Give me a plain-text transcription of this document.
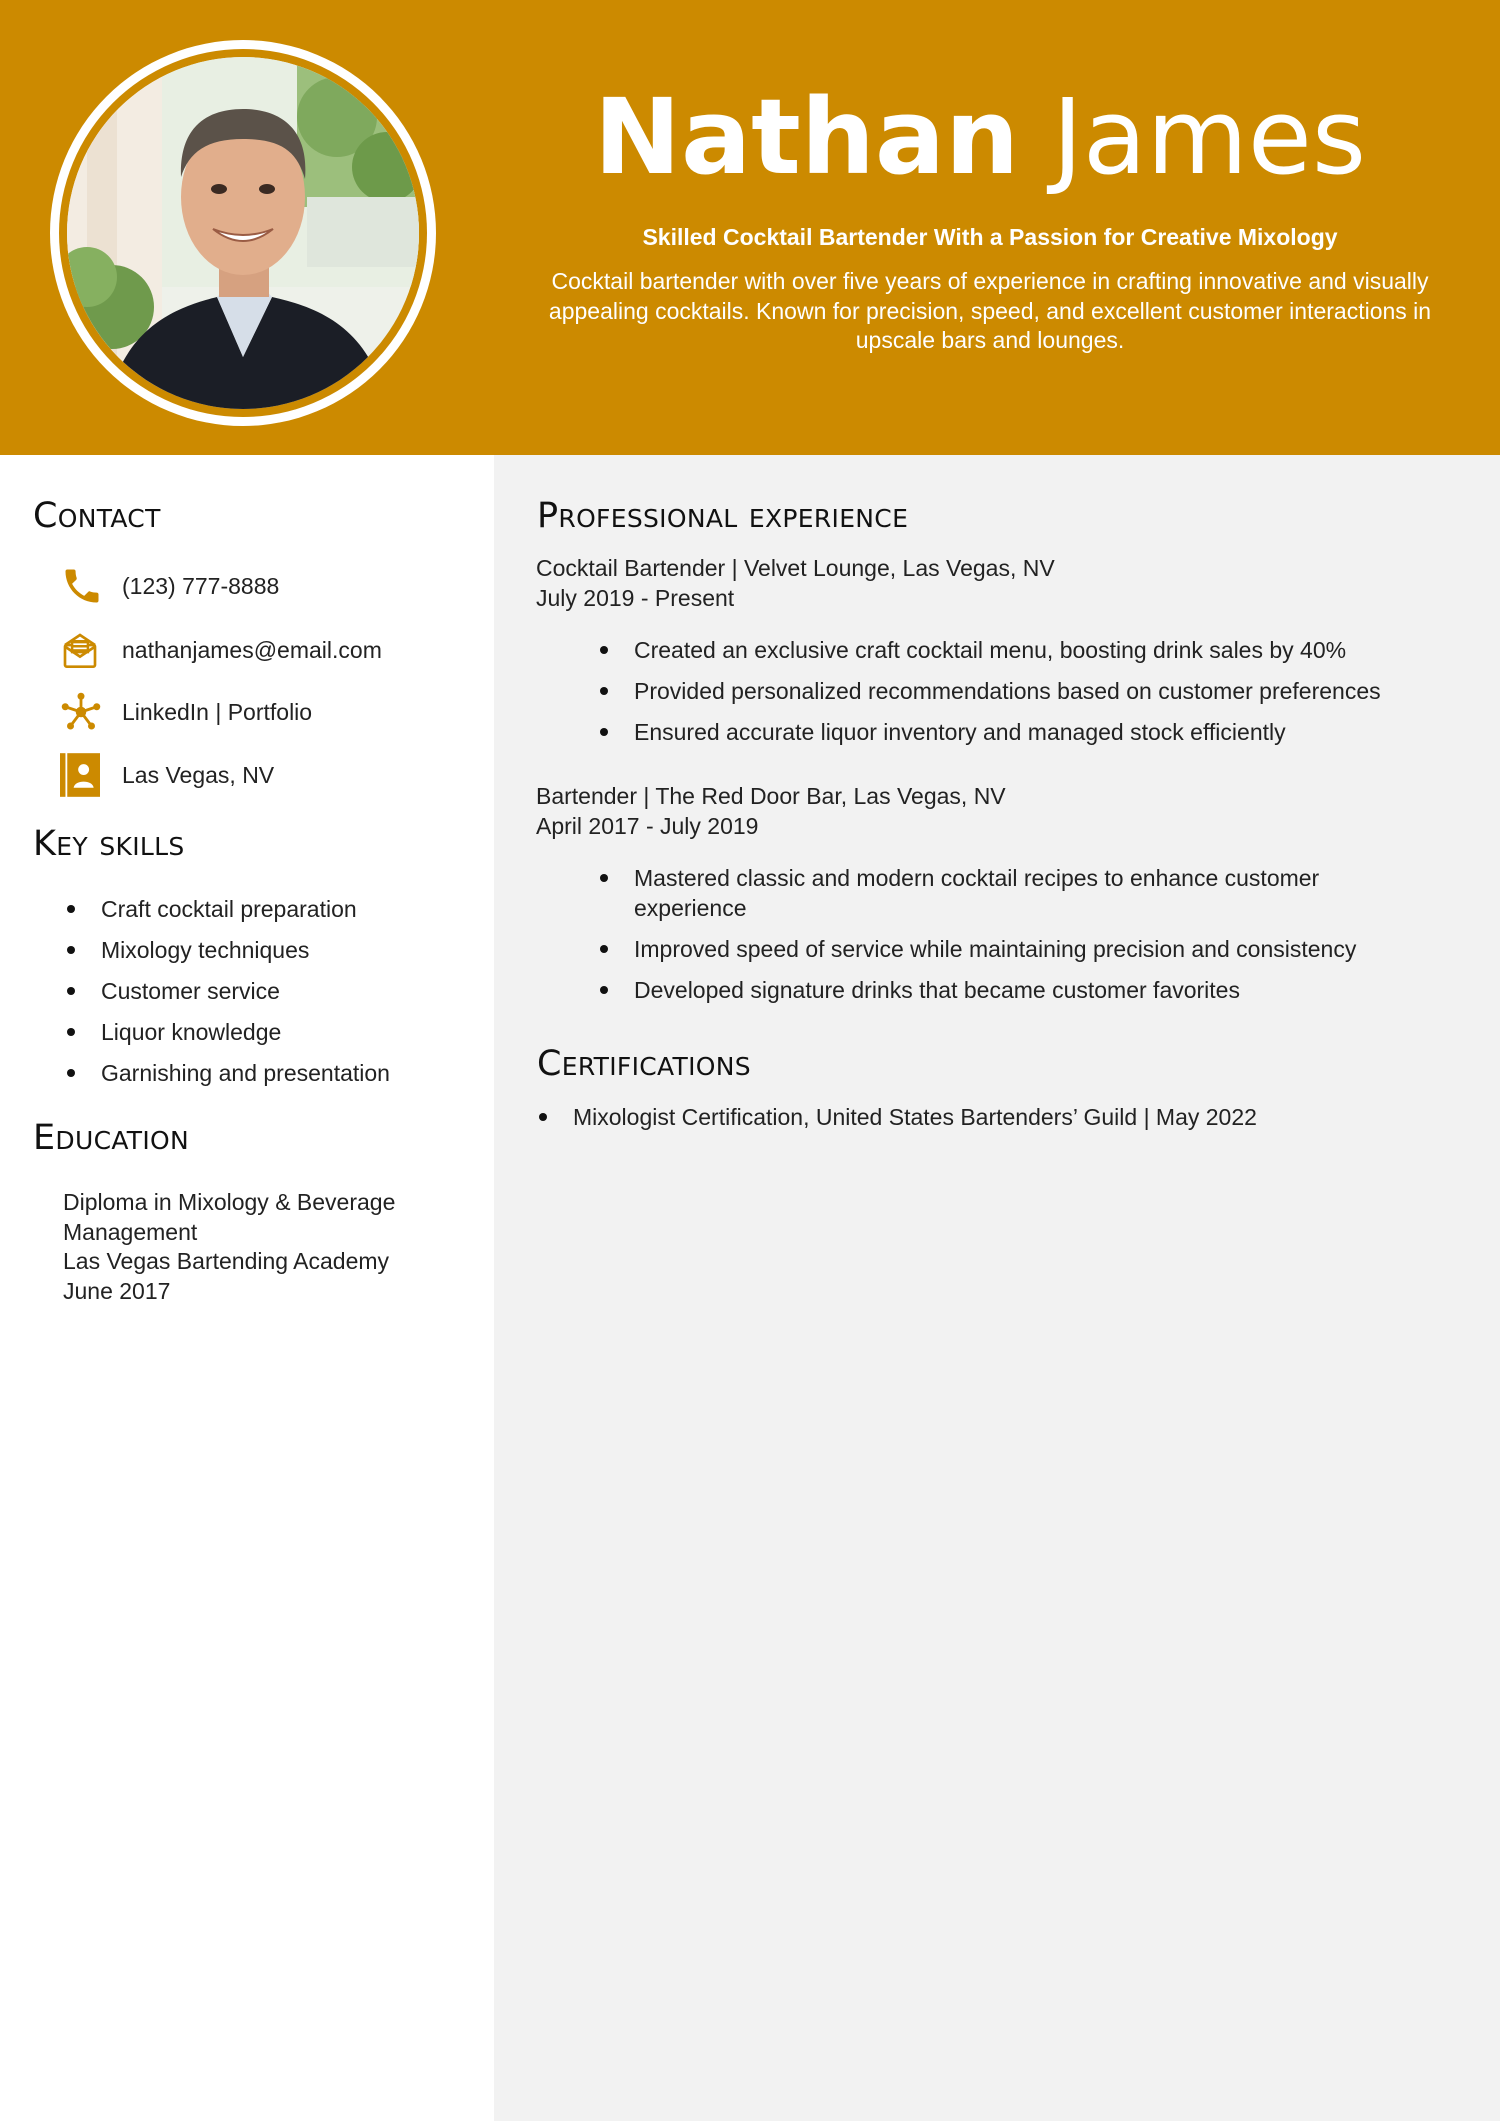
Nathan James
Skilled Cocktail Bartender With a Passion for Creative Mixology
Cocktail bartender with over five years of experience in crafting innovative and visually appealing cocktails. Known for precision, speed, and excellent customer interactions in upscale bars and lounges.
Contact
(123) 777-8888
nathanjames@email.com
LinkedIn | Portfolio
Las Vegas, NV
Key skills
Craft cocktail preparation
Mixology techniques
Customer service
Liquor knowledge
Garnishing and presentation
Education
Diploma in Mixology & Beverage Management
Las Vegas Bartending Academy
June 2017
Professional experience
Cocktail Bartender | Velvet Lounge, Las Vegas, NV
July 2019 - Present
Created an exclusive craft cocktail menu, boosting drink sales by 40%
Provided personalized recommendations based on customer preferences
Ensured accurate liquor inventory and managed stock efficiently
Bartender | The Red Door Bar, Las Vegas, NV
April 2017 - July 2019
Mastered classic and modern cocktail recipes to enhance customer experience
Improved speed of service while maintaining precision and consistency
Developed signature drinks that became customer favorites
Certifications
Mixologist Certification, United States Bartenders’ Guild | May 2022
